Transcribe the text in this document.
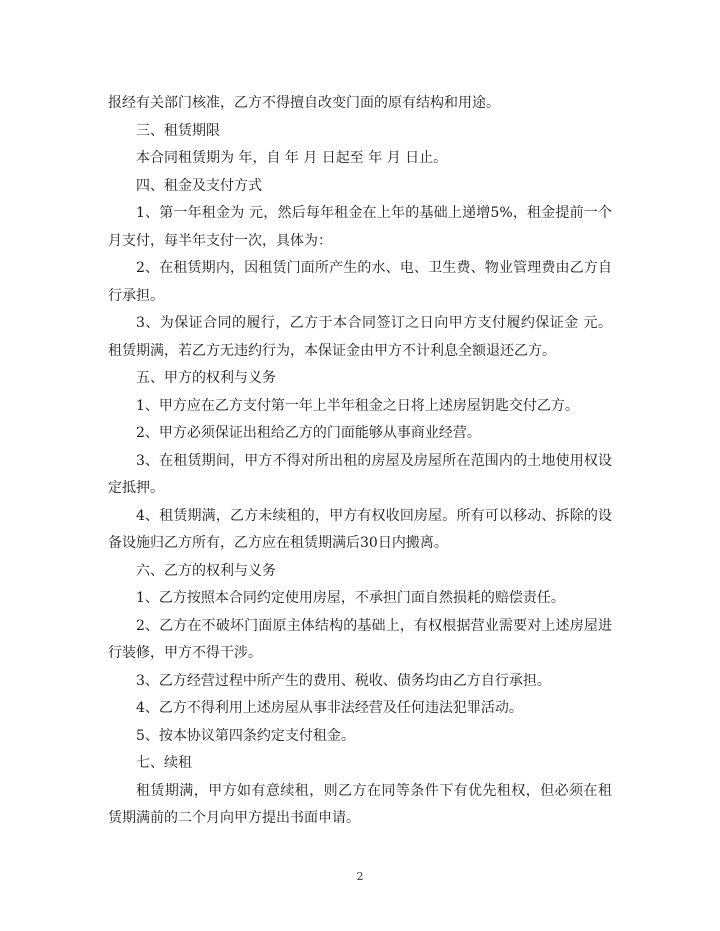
报经有关部门核准，乙方不得擅自改变门面的原有结构和用途。
三、租赁期限
本合同租赁期为 年，自 年 月 日起至 年 月 日止。
四、租金及支付方式
1、第一年租金为 元，然后每年租金在上年的基础上递增5%，租金提前一个
月支付，每半年支付一次，具体为：
2、在租赁期内，因租赁门面所产生的水、电、卫生费、物业管理费由乙方自
行承担。
3、为保证合同的履行，乙方于本合同签订之日向甲方支付履约保证金 元。
租赁期满，若乙方无违约行为，本保证金由甲方不计利息全额退还乙方。
五、甲方的权利与义务
1、甲方应在乙方支付第一年上半年租金之日将上述房屋钥匙交付乙方。
2、甲方必须保证出租给乙方的门面能够从事商业经营。
3、在租赁期间，甲方不得对所出租的房屋及房屋所在范围内的土地使用权设
定抵押。
4、租赁期满，乙方未续租的，甲方有权收回房屋。所有可以移动、拆除的设
备设施归乙方所有，乙方应在租赁期满后30日内搬离。
六、乙方的权利与义务
1、乙方按照本合同约定使用房屋，不承担门面自然损耗的赔偿责任。
2、乙方在不破坏门面原主体结构的基础上，有权根据营业需要对上述房屋进
行装修，甲方不得干涉。
3、乙方经营过程中所产生的费用、税收、债务均由乙方自行承担。
4、乙方不得利用上述房屋从事非法经营及任何违法犯罪活动。
5、按本协议第四条约定支付租金。
七、续租
租赁期满，甲方如有意续租，则乙方在同等条件下有优先租权，但必须在租
赁期满前的二个月向甲方提出书面申请。
2
